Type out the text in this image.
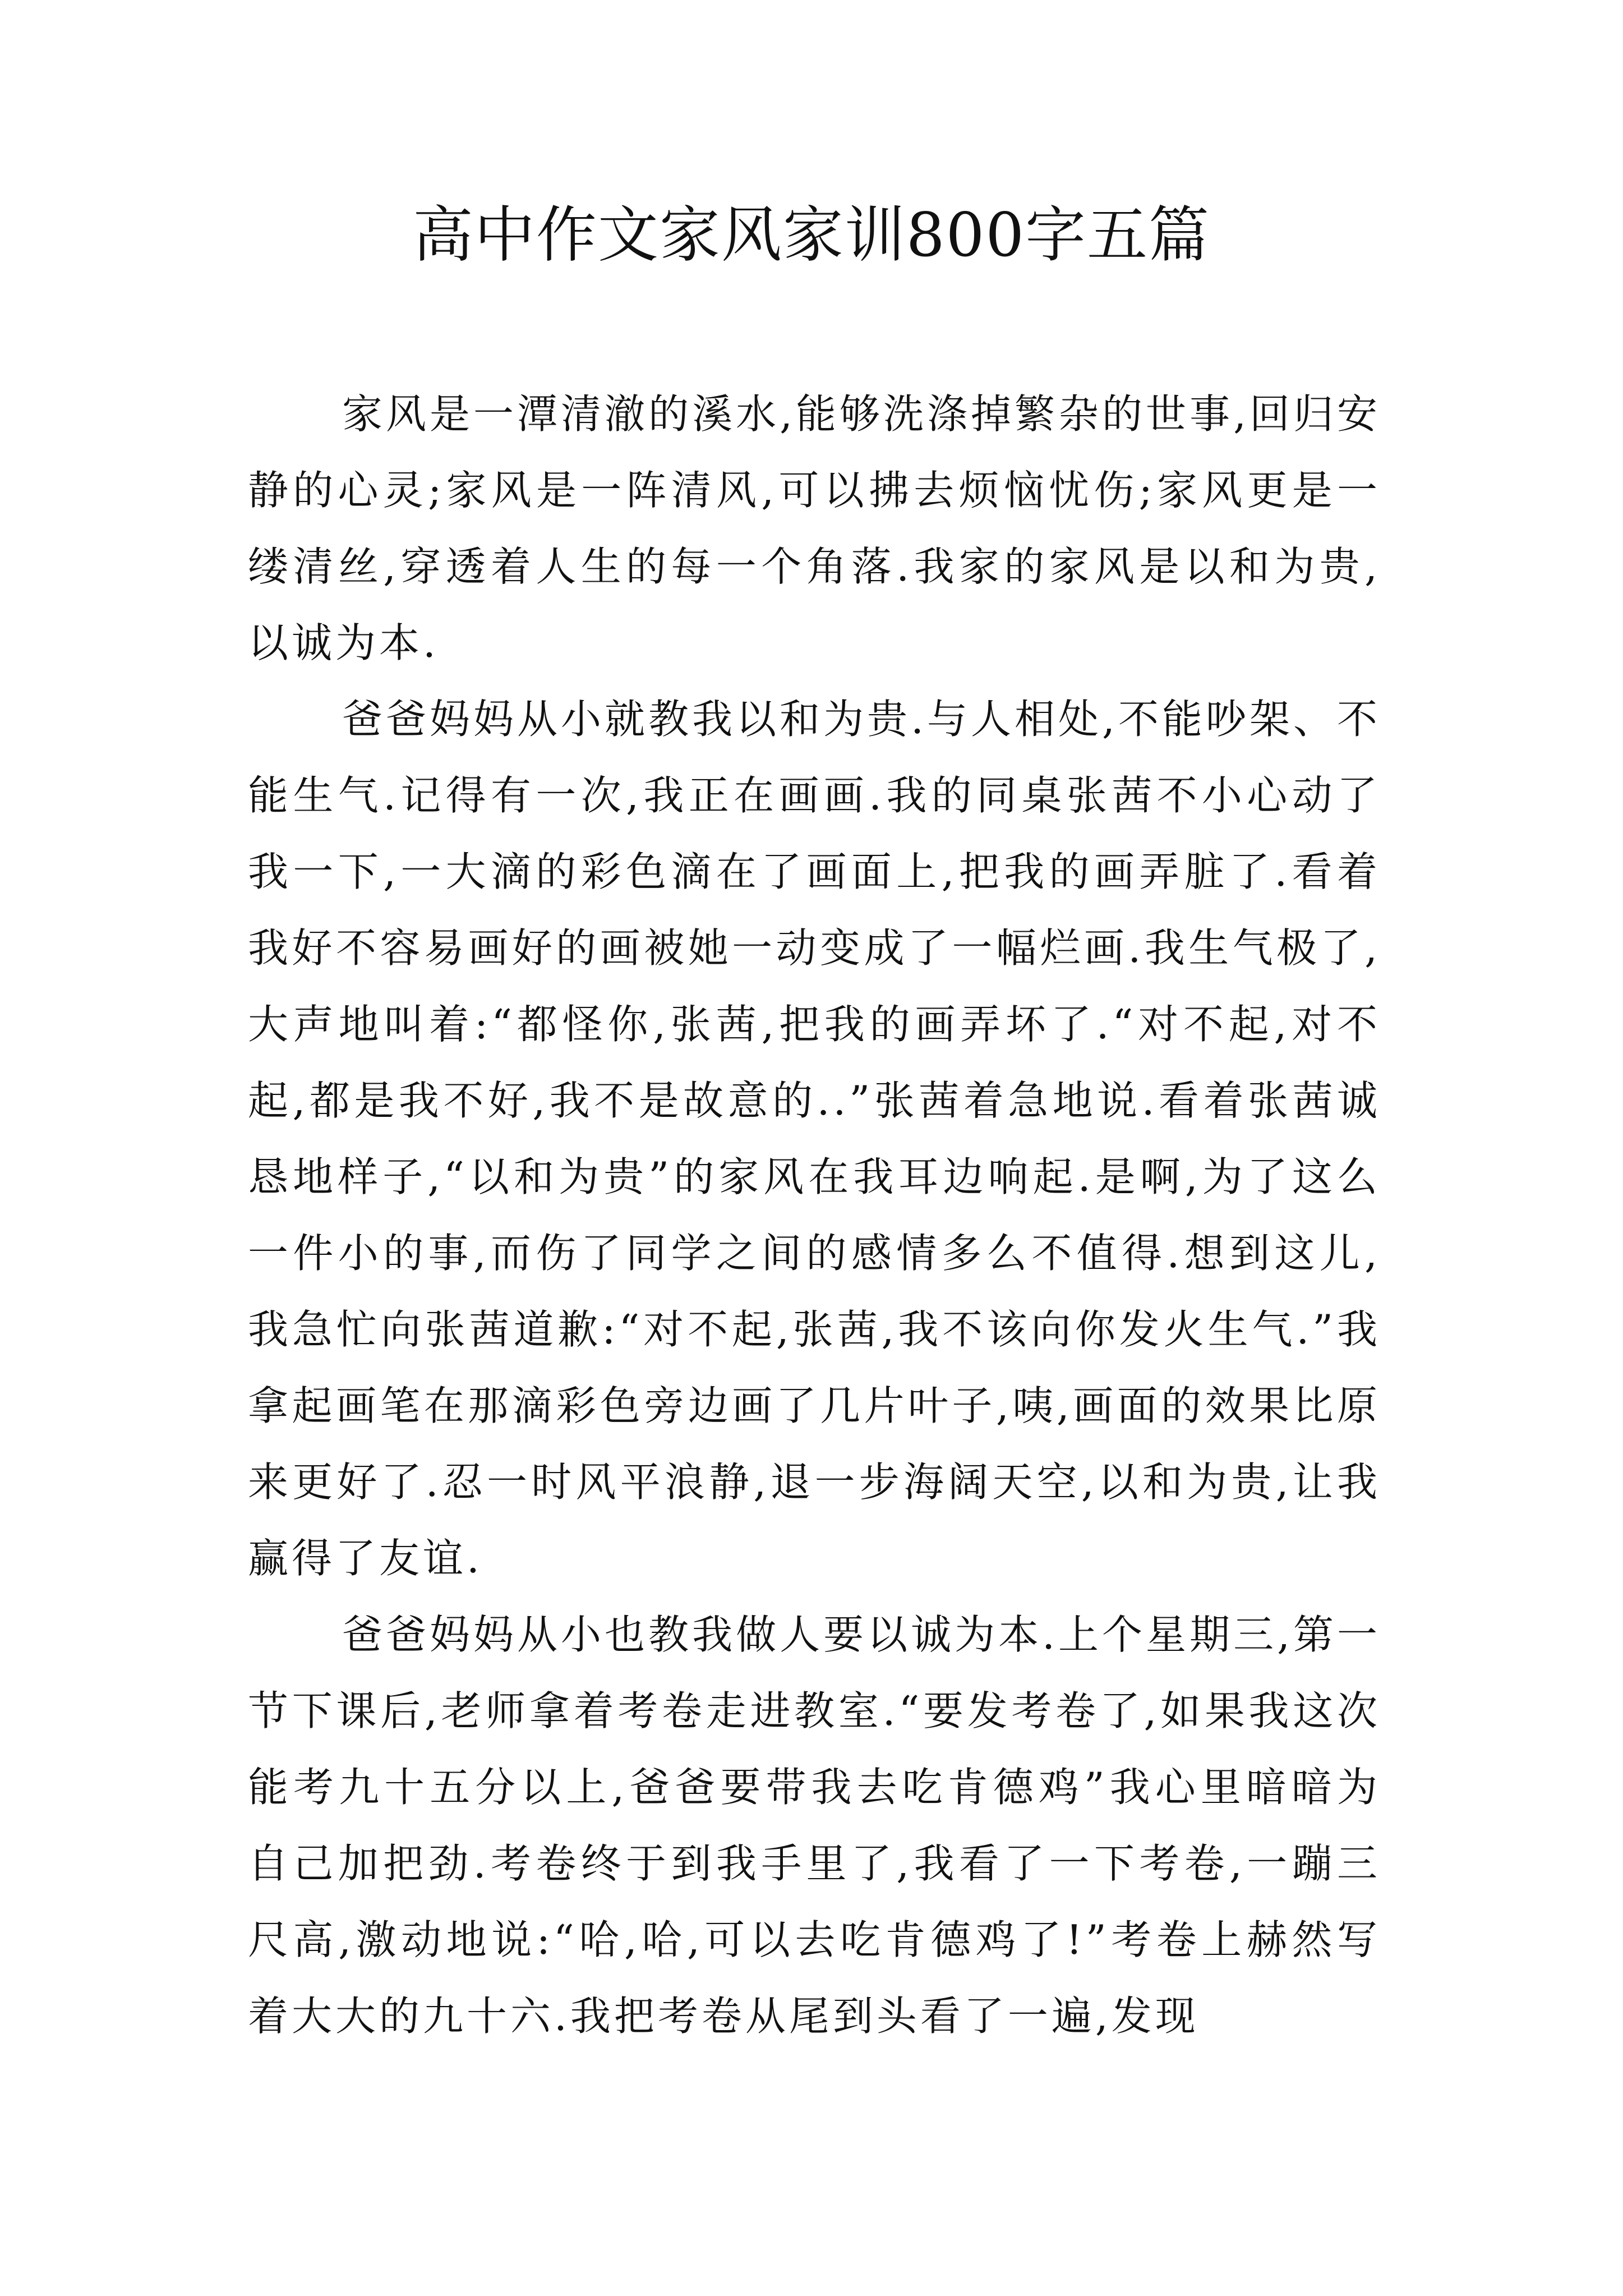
高中作文家风家训800字五篇

家风是一潭清澈的溪水,能够洗涤掉繁杂的世事,回归安静的心灵;家风是一阵清风,可以拂去烦恼忧伤;家风更是一缕清丝,穿透着人生的每一个角落.我家的家风是以和为贵,以诚为本.

爸爸妈妈从小就教我以和为贵.与人相处,不能吵架、不能生气.记得有一次,我正在画画.我的同桌张茜不小心动了我一下,一大滴的彩色滴在了画面上,把我的画弄脏了.看着我好不容易画好的画被她一动变成了一幅烂画.我生气极了,大声地叫着:“都怪你,张茜,把我的画弄坏了.“对不起,对不起,都是我不好,我不是故意的..”张茜着急地说.看着张茜诚恳地样子,“以和为贵”的家风在我耳边响起.是啊,为了这么一件小的事,而伤了同学之间的感情多么不值得.想到这儿,我急忙向张茜道歉:“对不起,张茜,我不该向你发火生气.”我拿起画笔在那滴彩色旁边画了几片叶子,咦,画面的效果比原来更好了.忍一时风平浪静,退一步海阔天空,以和为贵,让我赢得了友谊.

爸爸妈妈从小也教我做人要以诚为本.上个星期三,第一节下课后,老师拿着考卷走进教室.“要发考卷了,如果我这次能考九十五分以上,爸爸要带我去吃肯德鸡”我心里暗暗为自己加把劲.考卷终于到我手里了,我看了一下考卷,一蹦三尺高,激动地说:“哈,哈,可以去吃肯德鸡了!”考卷上赫然写着大大的九十六.我把考卷从尾到头看了一遍,发现
